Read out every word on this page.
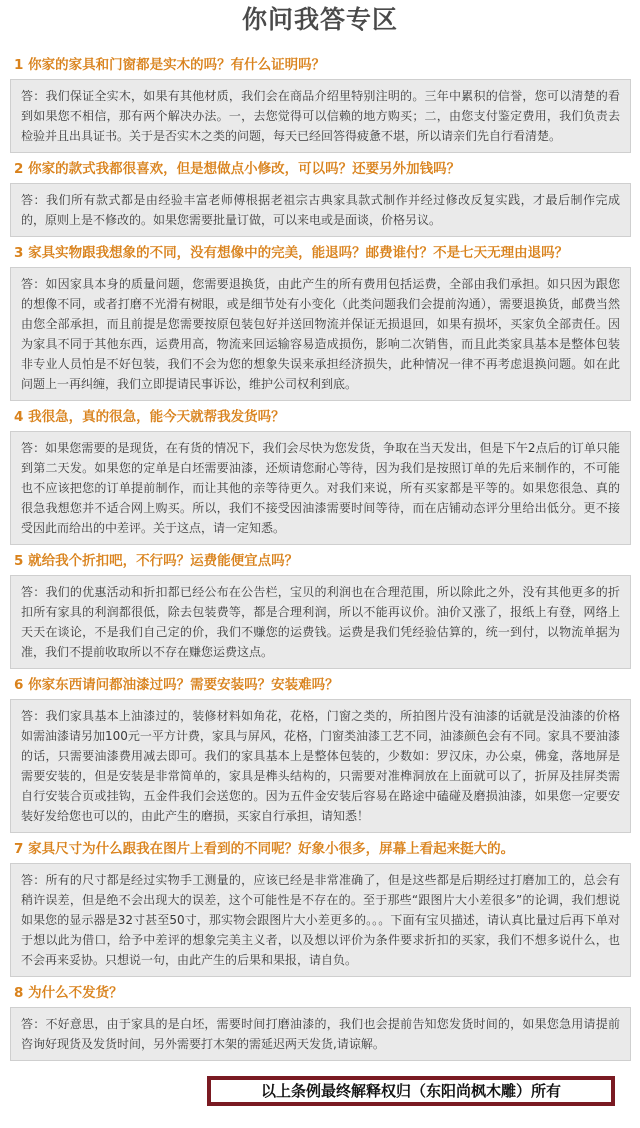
你问我答专区
1 你家的家具和门窗都是实木的吗？有什么证明吗？
答：我们保证全实木，如果有其他材质，我们会在商品介绍里特别注明的。三年中累积的信誉，您可以清楚的看到如果您不相信，那有两个解决办法。一，去您觉得可以信赖的地方购买；二，由您支付鉴定费用，我们负责去检验并且出具证书。关于是否实木之类的问题，每天已经回答得疲惫不堪，所以请亲们先自行看清楚。
2 你家的款式我都很喜欢，但是想做点小修改，可以吗？还要另外加钱吗？
答：我们所有款式都是由经验丰富老师傅根据老祖宗古典家具款式制作并经过修改反复实践，才最后制作完成的，原则上是不修改的。如果您需要批量订做，可以来电或是面谈，价格另议。
3 家具实物跟我想象的不同，没有想像中的完美，能退吗？邮费谁付？不是七天无理由退吗？
答：如因家具本身的质量问题，您需要退换货，由此产生的所有费用包括运费，全部由我们承担。如只因为跟您的想像不同，或者打磨不光滑有树眼，或是细节处有小变化（此类问题我们会提前沟通），需要退换货，邮费当然由您全部承担，而且前提是您需要按原包装包好并送回物流并保证无损退回，如果有损坏，买家负全部责任。因为家具不同于其他东西，运费用高，物流来回运输容易造成损伤，影响二次销售，而且此类家具基本是整体包装非专业人员怕是不好包装，我们不会为您的想象失误来承担经济损失，此种情况一律不再考虑退换问题。如在此问题上一再纠缠，我们立即提请民事诉讼，维护公司权利到底。
4 我很急，真的很急，能今天就帮我发货吗？
答：如果您需要的是现货，在有货的情况下，我们会尽快为您发货，争取在当天发出，但是下午2点后的订单只能到第二天发。如果您的定单是白坯需要油漆，还烦请您耐心等待，因为我们是按照订单的先后来制作的，不可能也不应该把您的订单提前制作，而让其他的亲等待更久。对我们来说，所有买家都是平等的。如果您很急、真的很急我想您并不适合网上购买。所以，我们不接受因油漆需要时间等待，而在店铺动态评分里给出低分。更不接受因此而给出的中差评。关于这点，请一定知悉。
5 就给我个折扣吧，不行吗？运费能便宜点吗？
答：我们的优惠活动和折扣都已经公布在公告栏，宝贝的利润也在合理范围，所以除此之外，没有其他更多的折扣所有家具的利润都很低，除去包装费等，都是合理利润，所以不能再议价。油价又涨了，报纸上有登，网络上天天在谈论，不是我们自己定的价，我们不赚您的运费钱。运费是我们凭经验估算的，统一到付，以物流单据为准，我们不提前收取所以不存在赚您运费这点。
6 你家东西请问都油漆过吗？需要安装吗？安装难吗？
答：我们家具基本上油漆过的，装修材料如角花，花格，门窗之类的，所拍图片没有油漆的话就是没油漆的价格如需油漆请另加100元一平方计费，家具与屏风，花格，门窗类油漆工艺不同，油漆颜色会有不同。家具不要油漆的话，只需要油漆费用减去即可。我们的家具基本上是整体包装的，少数如：罗汉床，办公桌，佛龛，落地屏是需要安装的，但是安装是非常简单的，家具是榫头结构的，只需要对准榫洞放在上面就可以了，折屏及挂屏类需自行安装合页或挂钩，五金件我们会送您的。因为五件金安装后容易在路途中磕碰及磨损油漆，如果您一定要安装好发给您也可以的，由此产生的磨损，买家自行承担，请知悉！
7 家具尺寸为什么跟我在图片上看到的不同呢？好象小很多，屏幕上看起来挺大的。
答：所有的尺寸都是经过实物手工测量的，应该已经是非常准确了，但是这些都是后期经过打磨加工的，总会有稍许误差，但是绝不会出现大的误差，这个可能性是不存在的。至于那些“跟图片大小差很多”的论调，我们想说如果您的显示器是32寸甚至50寸，那实物会跟图片大小差更多的。。。下面有宝贝描述，请认真比量过后再下单对于想以此为借口，给予中差评的想象完美主义者，以及想以评价为条件要求折扣的买家，我们不想多说什么，也不会再来妥协。只想说一句，由此产生的后果和果报，请自负。
8 为什么不发货？
答：不好意思，由于家具的是白坯，需要时间打磨油漆的，我们也会提前告知您发货时间的，如果您急用请提前咨询好现货及发货时间，另外需要打木架的需延迟两天发货,请谅解。
以上条例最终解释权归（东阳尚枫木雕）所有
